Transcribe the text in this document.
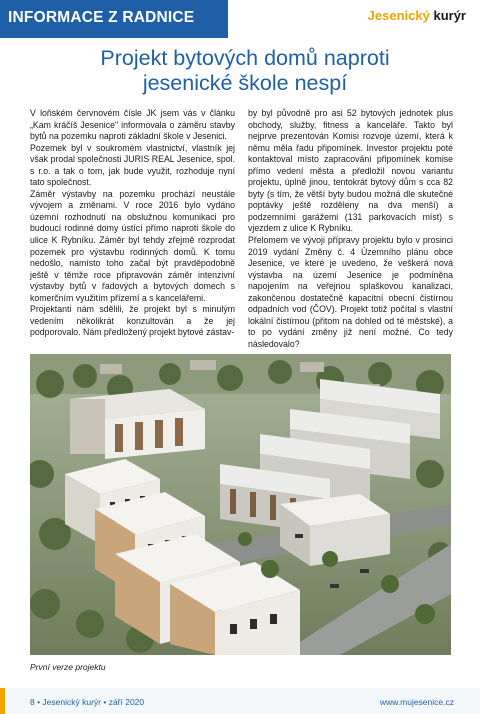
INFORMACE Z RADNICE	Jesenický kurýr
Projekt bytových domů naproti
jesenické škole nespí

V loňském červnovém čísle JK jsem vás v článku „Kam kráčíš Jesenice" informovala o záměru stavby bytů na pozemku naproti základní škole v Jesenici.

Pozemek byl v soukromém vlastnictví, vlastník jej však prodal společnosti JURIS REAL Jesenice, spol. s r.o. a tak o tom, jak bude využit, rozhoduje nyní tato společnost.

Záměr výstavby na pozemku prochází neustále vývojem a změnami. V roce 2016 bylo vydáno územní rozhodnutí na obslužnou komunikaci pro budoucí rodinné domy ústící přímo naproti škole do ulice K Rybníku. Záměr byl tehdy zřejmě rozprodat pozemek pro výstavbu rodinných domů. K tomu nedošlo, namísto toho začal být pravděpodobně ještě v těmže roce připravován záměr intenzivní výstavby bytů v řadových a bytových domech s komerčním využitím přízemí a s kancelářemi.

Projektanti nám sdělili, že projekt byl s minulým vedením několikrát konzultován a že jej podporovalo. Nám předložený projekt bytové zástav-

by byl původně pro asi 52 bytových jednotek plus obchody, služby, fitness a kanceláře. Takto byl nejprve prezentován Komisi rozvoje území, která k němu měla řadu připomínek. Investor projektu poté kontaktoval místo zapracování připomínek komise přímo vedení města a předložil novou variantu projektu, úplně jinou, tentokrát bytový dům s cca 82 byty (s tím, že větší byty budou možná dle skutečné poptávky ještě rozděleny na dva menší) a podzemními garážemi (131 parkovacích míst) s vjezdem z ulice K Rybníku.

Přelomem ve vývoji přípravy projektu bylo v prosinci 2019 vydání Změny č. 4 Územního plánu obce Jesenice, ve které je uvedeno, že veškerá nová výstavba na území Jesenice je podmíněna napojením na veřejnou splaškovou kanalizaci, zakončenou dostatečně kapacitní obecní čistírnou odpadních vod (ČOV). Projekt totiž počítal s vlastní lokální čistírnou (přitom na dohled od té městské), a to po vydání změny již není možné. Co tedy následovalo?

První verze projektu
8 • Jesenický kurýr • září 2020	www.mujesenice.cz
